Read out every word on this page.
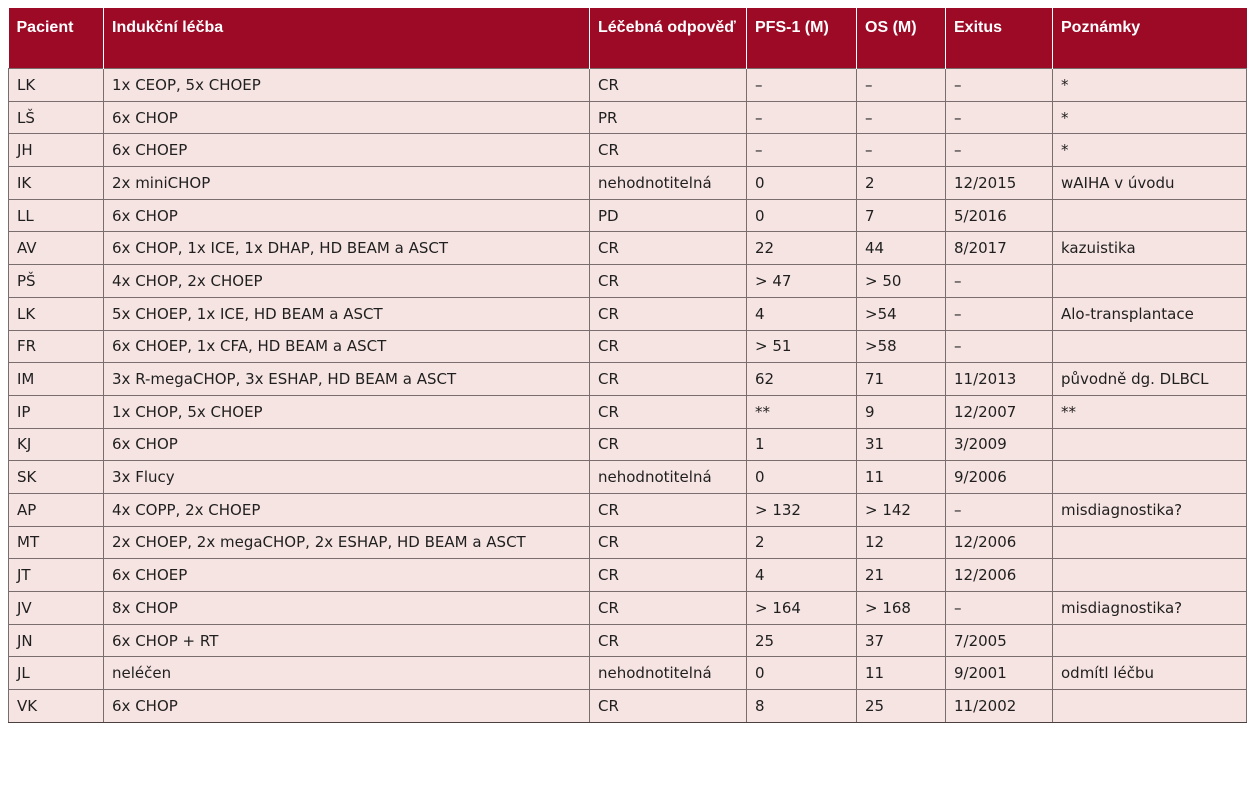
Pacient	Indukční léčba	Léčebná odpověď	PFS-1 (M)	OS (M)	Exitus	Poznámky
LK	1x CEOP, 5x CHOEP	CR	–	–	–	*
LŠ	6x CHOP	PR	–	–	–	*
JH	6x CHOEP	CR	–	–	–	*
IK	2x miniCHOP	nehodnotitelná	0	2	12/2015	wAIHA v úvodu
LL	6x CHOP	PD	0	7	5/2016	
AV	6x CHOP, 1x ICE, 1x DHAP, HD BEAM a ASCT	CR	22	44	8/2017	kazuistika
PŠ	4x CHOP, 2x CHOEP	CR	> 47	> 50	–	
LK	5x CHOEP, 1x ICE, HD BEAM a ASCT	CR	4	>54	–	Alo-transplantace
FR	6x CHOEP, 1x CFA, HD BEAM a ASCT	CR	> 51	>58	–	
IM	3x R-megaCHOP, 3x ESHAP, HD BEAM a ASCT	CR	62	71	11/2013	původně dg. DLBCL
IP	1x CHOP, 5x CHOEP	CR	**	9	12/2007	**
KJ	6x CHOP	CR	1	31	3/2009	
SK	3x Flucy	nehodnotitelná	0	11	9/2006	
AP	4x COPP, 2x CHOEP	CR	> 132	> 142	–	misdiagnostika?
MT	2x CHOEP, 2x megaCHOP, 2x ESHAP, HD BEAM a ASCT	CR	2	12	12/2006	
JT	6x CHOEP	CR	4	21	12/2006	
JV	8x CHOP	CR	> 164	> 168	–	misdiagnostika?
JN	6x CHOP + RT	CR	25	37	7/2005	
JL	neléčen	nehodnotitelná	0	11	9/2001	odmítl léčbu
VK	6x CHOP	CR	8	25	11/2002	
